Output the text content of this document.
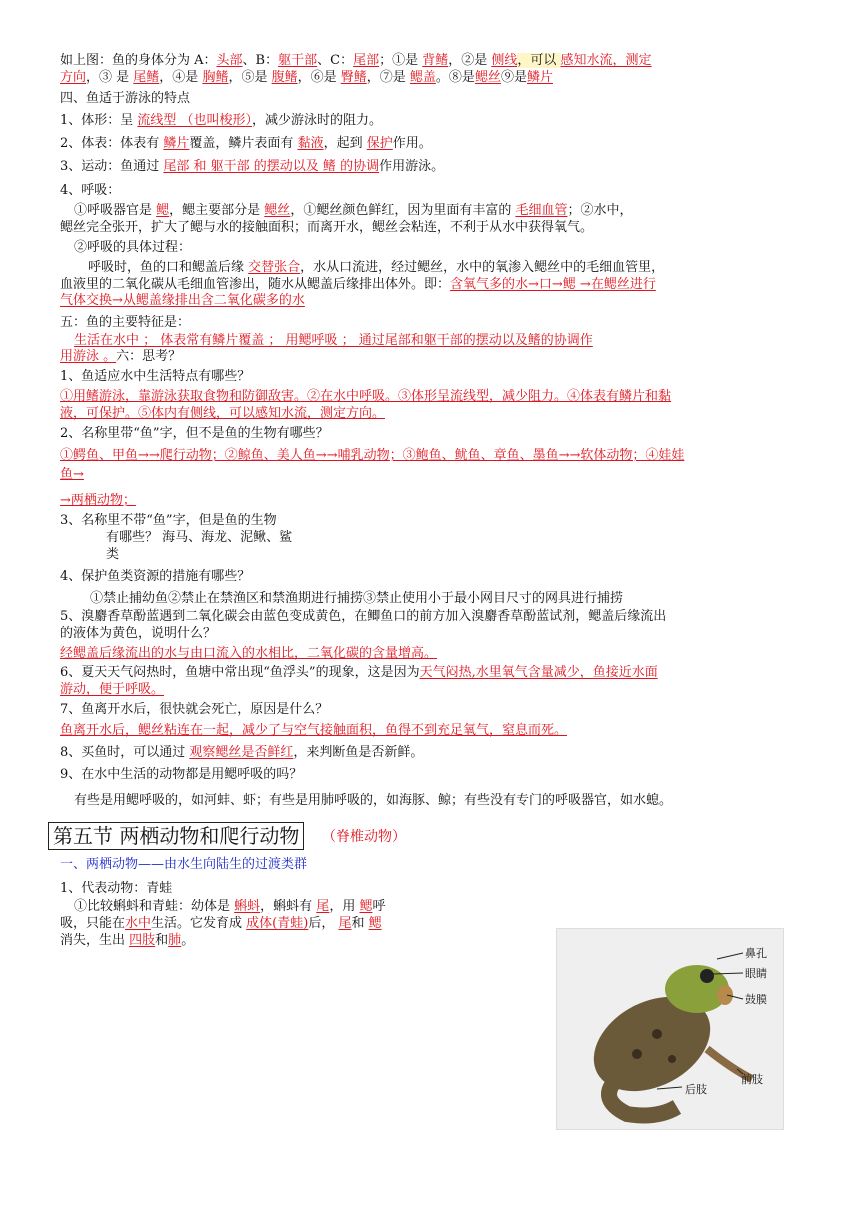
如上图：鱼的身体分为 A：头部、B：躯干部、C：尾部；①是 背鳍，②是 侧线，可以 感知水流，测定
方向，③ 是 尾鳍，④是 胸鳍，⑤是 腹鳍，⑥是 臀鳍，⑦是 鳃盖。⑧是鳃丝⑨是鳞片
四、鱼适于游泳的特点
1、体形：呈 流线型 （也叫梭形），减少游泳时的阻力。
2、体表：体表有 鳞片覆盖，鳞片表面有 黏液，起到 保护作用。
3、运动：鱼通过 尾部 和 躯干部 的摆动以及 鳍 的协调作用游泳。
4、呼吸：
①呼吸器官是 鳃，鳃主要部分是 鳃丝，①鳃丝颜色鲜红，因为里面有丰富的 毛细血管；②水中，
鳃丝完全张开，扩大了鳃与水的接触面积；而离开水，鳃丝会粘连，不利于从水中获得氧气。
②呼吸的具体过程：
呼吸时，鱼的口和鳃盖后缘 交替张合，水从口流进，经过鳃丝，水中的氧渗入鳃丝中的毛细血管里，
血液里的二氧化碳从毛细血管渗出，随水从鳃盖后缘排出体外。即：含氧气多的水→口→鳃 →在鳃丝进行
气体交换→从鳃盖缘排出含二氧化碳多的水
五：鱼的主要特征是：
生活在水中 ； 体表常有鳞片覆盖 ； 用鳃呼吸 ； 通过尾部和躯干部的摆动以及鳍的协调作
用游泳 。六：思考？
1、鱼适应水中生活特点有哪些？
①用鳍游泳，靠游泳获取食物和防御敌害。②在水中呼吸。③体形呈流线型，减少阻力。④体表有鳞片和黏
液，可保护。⑤体内有侧线，可以感知水流，测定方向。
2、名称里带“鱼”字，但不是鱼的生物有哪些？
①鳄鱼、甲鱼→→爬行动物；②鲸鱼、美人鱼→→哺乳动物；③鲍鱼、鱿鱼、章鱼、墨鱼→→软体动物；④娃娃
鱼→
→两栖动物；
3、名称里不带“鱼”字，但是鱼的生物
有哪些？ 海马、海龙、泥鳅、鲨
类
4、保护鱼类资源的措施有哪些？
①禁止捕幼鱼②禁止在禁渔区和禁渔期进行捕捞③禁止使用小于最小网目尺寸的网具进行捕捞
5、溴麝香草酚蓝遇到二氧化碳会由蓝色变成黄色，在鲫鱼口的前方加入溴麝香草酚蓝试剂，鳃盖后缘流出
的液体为黄色，说明什么？
经鳃盖后缘流出的水与由口流入的水相比，二氧化碳的含量增高。
6、夏天天气闷热时，鱼塘中常出现“鱼浮头”的现象，这是因为天气闷热,水里氧气含量减少，鱼接近水面
游动，便于呼吸。
7、鱼离开水后，很快就会死亡，原因是什么？
鱼离开水后，鳃丝粘连在一起，减少了与空气接触面积，鱼得不到充足氧气，窒息而死。
8、买鱼时，可以通过 观察鳃丝是否鲜红，来判断鱼是否新鲜。
9、在水中生活的动物都是用鳃呼吸的吗？
有些是用鳃呼吸的，如河蚌、虾；有些是用肺呼吸的，如海豚、鲸；有些没有专门的呼吸器官，如水螅。
第五节 两栖动物和爬行动物	（脊椎动物）
一、两栖动物——由水生向陆生的过渡类群
1、代表动物：青蛙
①比较蝌蚪和青蛙：幼体是 蝌蚪，蝌蚪有 尾，用 鳃呼
吸，只能在水中生活。它发育成 成体(青蛙)后， 尾和 鳃
消失，生出 四肢和肺。
鼻孔
眼睛
鼓膜
前肢
后肢
